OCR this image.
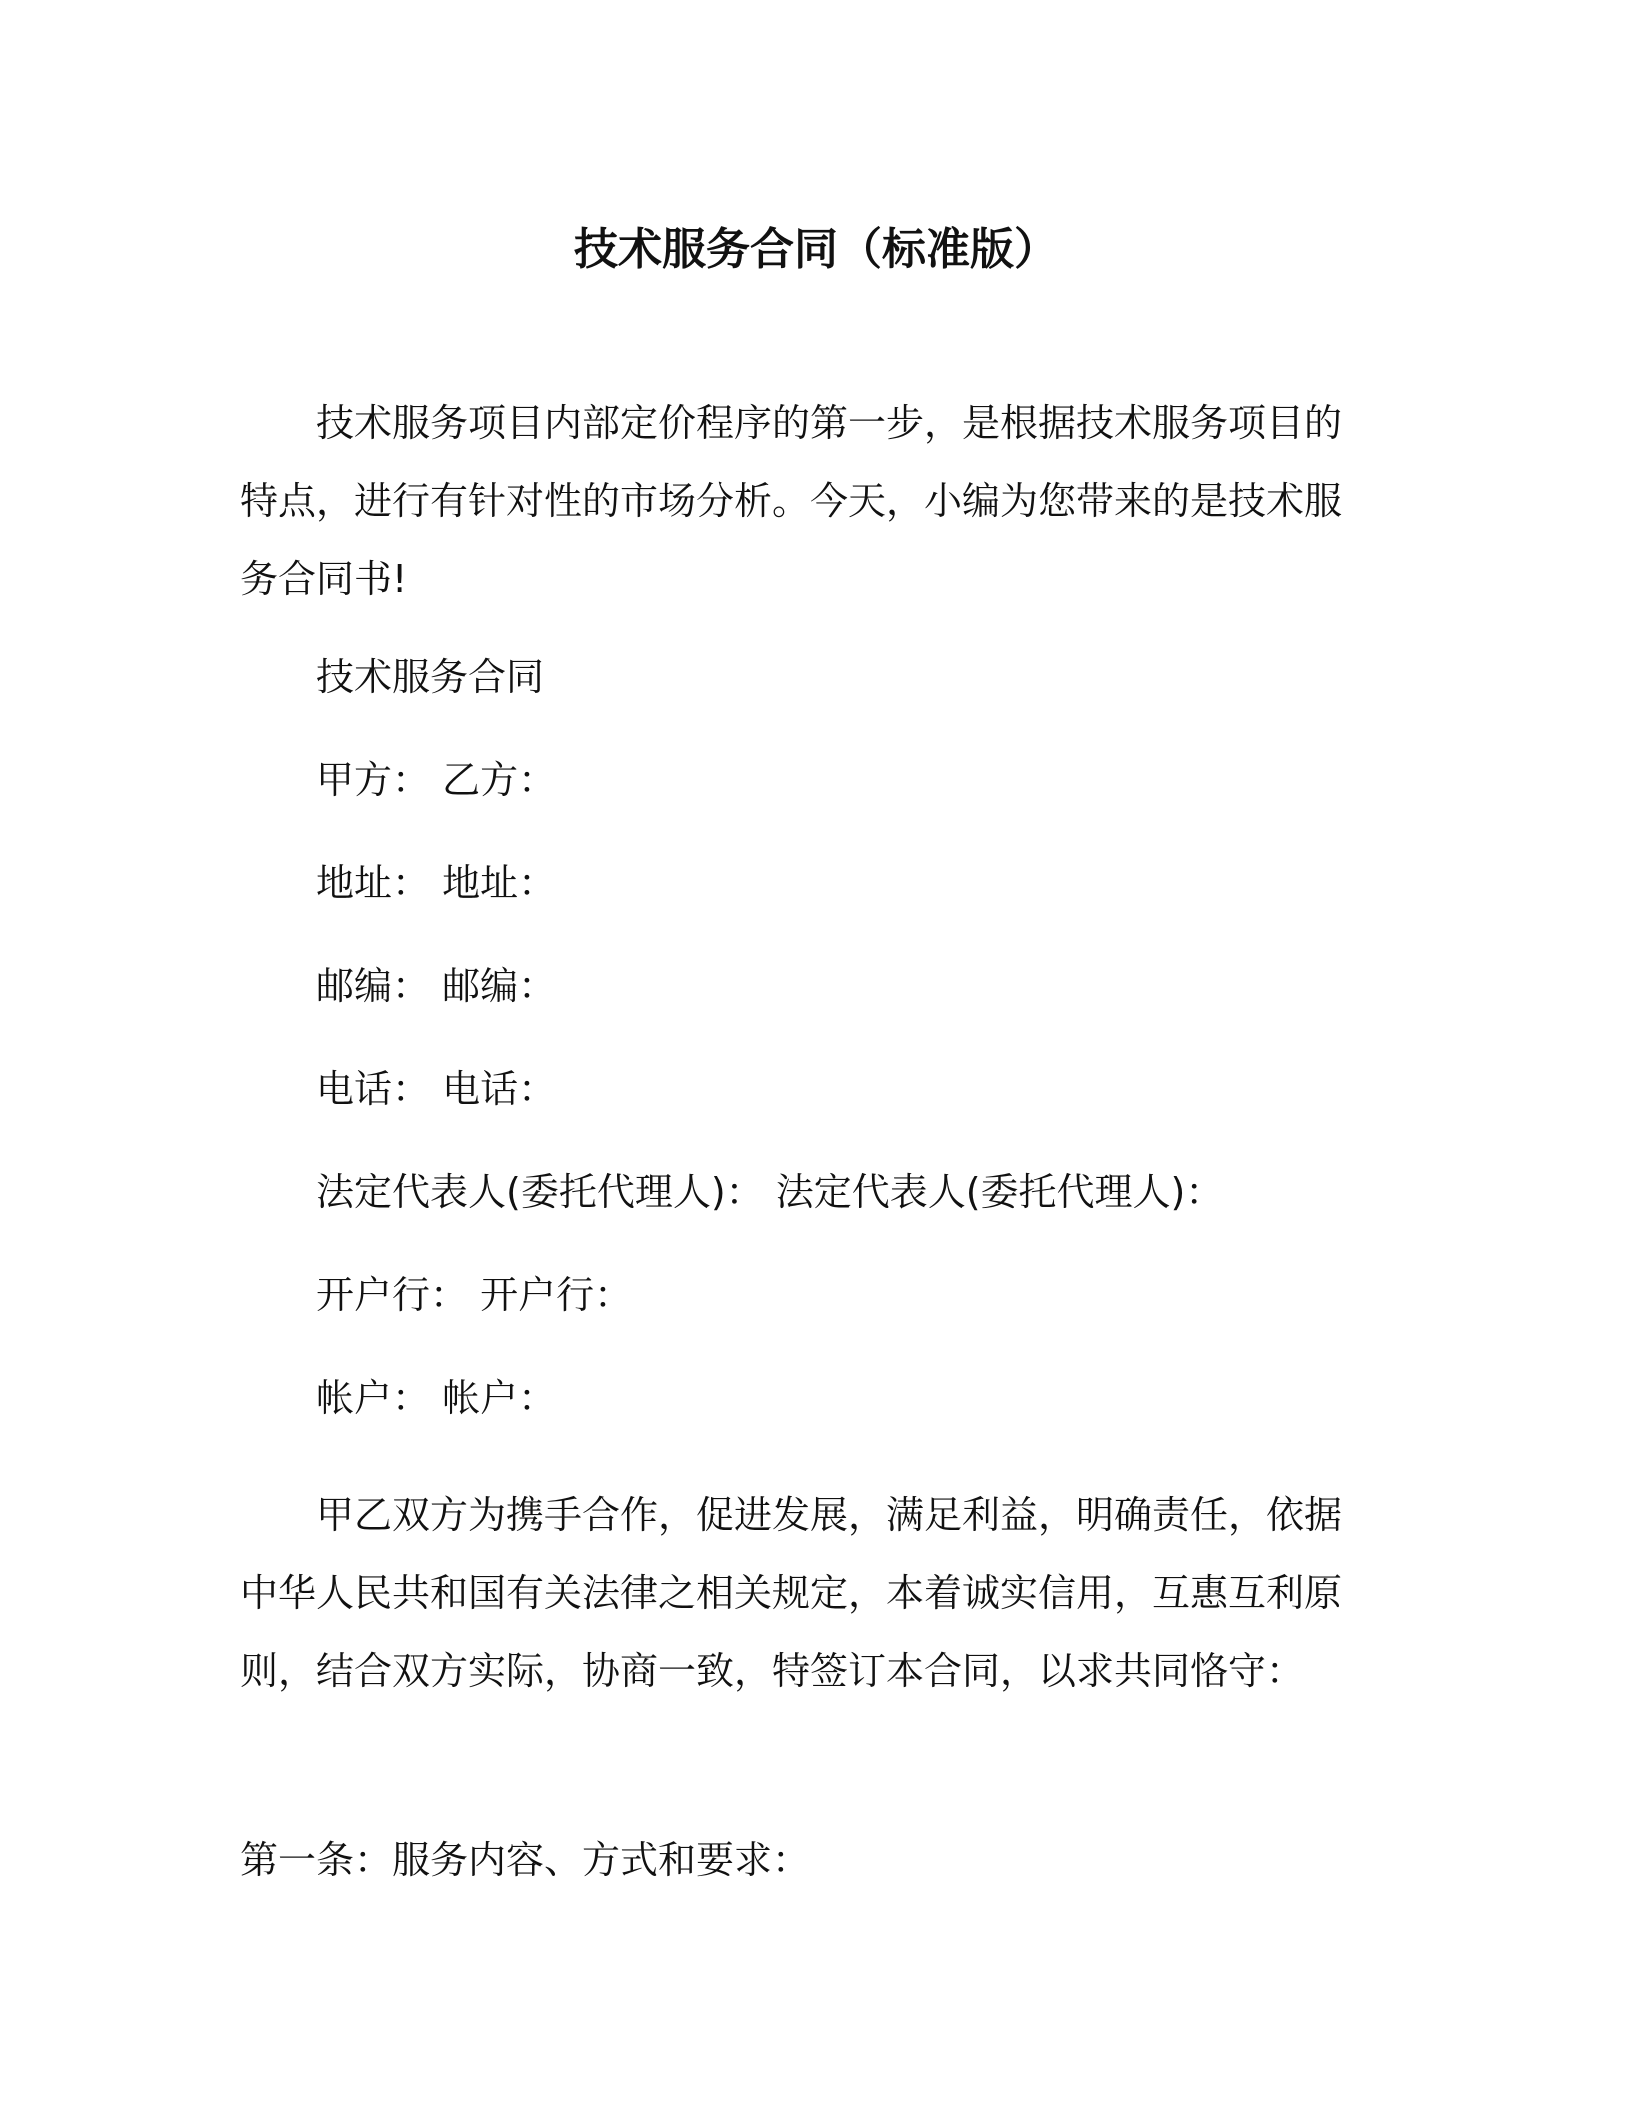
技术服务合同（标准版）

技术服务项目内部定价程序的第一步，是根据技术服务项目的特点，进行有针对性的市场分析。今天，小编为您带来的是技术服务合同书!

技术服务合同
甲方： 乙方：
地址： 地址：
邮编： 邮编：
电话： 电话：
法定代表人(委托代理人)： 法定代表人(委托代理人)：
开户行： 开户行：
帐户： 帐户：

甲乙双方为携手合作，促进发展，满足利益，明确责任，依据中华人民共和国有关法律之相关规定，本着诚实信用，互惠互利原则，结合双方实际，协商一致，特签订本合同，以求共同恪守：

第一条：服务内容、方式和要求：
